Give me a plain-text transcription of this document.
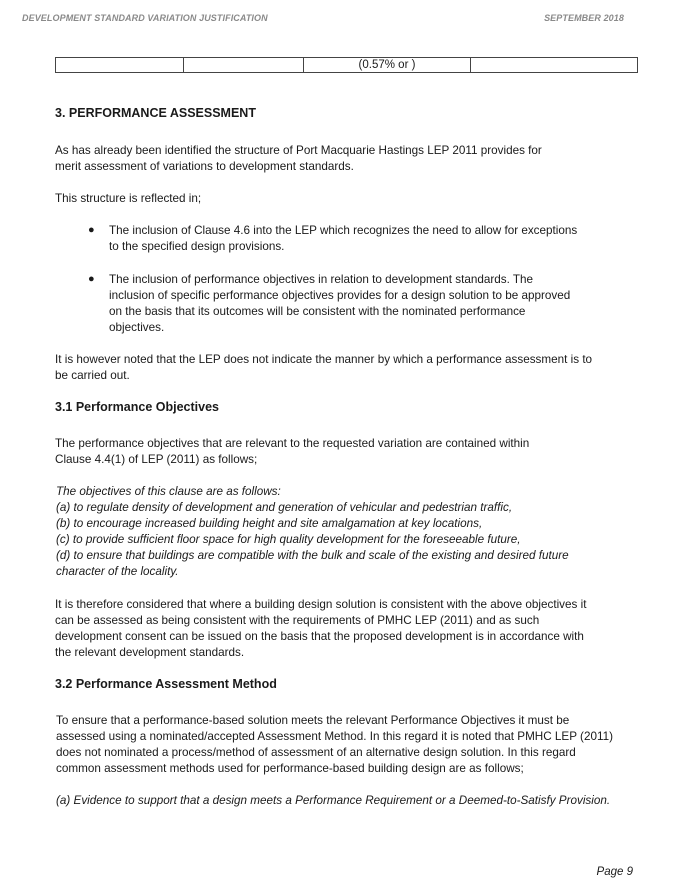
DEVELOPMENT STANDARD VARIATION JUSTIFICATION	SEPTEMBER 2018
(0.57% or )
3. PERFORMANCE ASSESSMENT

As has already been identified the structure of Port Macquarie Hastings LEP 2011 provides for

merit assessment of variations to development standards.

This structure is reflected in;

● The inclusion of Clause 4.6 into the LEP which recognizes the need to allow for exceptions

to the specified design provisions.

● The inclusion of performance objectives in relation to development standards. The

inclusion of specific performance objectives provides for a design solution to be approved

on the basis that its outcomes will be consistent with the nominated performance

objectives.

It is however noted that the LEP does not indicate the manner by which a performance assessment is to

be carried out.

3.1 Performance Objectives

The performance objectives that are relevant to the requested variation are contained within

Clause 4.4(1) of LEP (2011) as follows;

The objectives of this clause are as follows:

(a) to regulate density of development and generation of vehicular and pedestrian traffic,

(b) to encourage increased building height and site amalgamation at key locations,

(c) to provide sufficient floor space for high quality development for the foreseeable future,

(d) to ensure that buildings are compatible with the bulk and scale of the existing and desired future

character of the locality.

It is therefore considered that where a building design solution is consistent with the above objectives it

can be assessed as being consistent with the requirements of PMHC LEP (2011) and as such

development consent can be issued on the basis that the proposed development is in accordance with

the relevant development standards.

3.2 Performance Assessment Method

To ensure that a performance-based solution meets the relevant Performance Objectives it must be

assessed using a nominated/accepted Assessment Method. In this regard it is noted that PMHC LEP (2011)

does not nominated a process/method of assessment of an alternative design solution. In this regard

common assessment methods used for performance-based building design are as follows;

(a) Evidence to support that a design meets a Performance Requirement or a Deemed-to-Satisfy Provision.

Page 9
